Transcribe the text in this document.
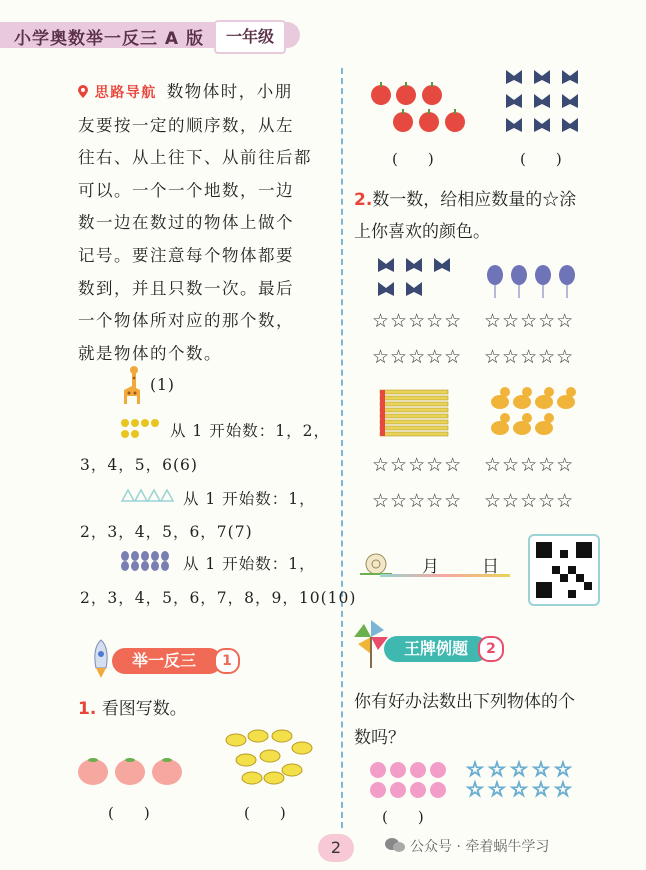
小学奥数举一反三 A 版	一年级
思路导航 数物体时，小朋
友要按一定的顺序数，从左
往右、从上往下、从前往后都
可以。一个一个地数，一边
数一边在数过的物体上做个
记号。要注意每个物体都要
数到，并且只数一次。最后
一个物体所对应的那个数，
就是物体的个数。
(1)
从 1 开始数：1，2，
3，4，5，6(6)
从 1 开始数：1，
2，3，4，5，6，7(7)
从 1 开始数：1，
2，3，4，5，6，7，8，9，10(10)
举一反三	1
1. 看图写数。
(　　)	(　　)
(　　)	(　　)
2.数一数，给相应数量的☆涂
上你喜欢的颜色。
☆☆☆☆☆ ☆☆☆☆☆
☆☆☆☆☆ ☆☆☆☆☆
☆☆☆☆☆ ☆☆☆☆☆
☆☆☆☆☆ ☆☆☆☆☆
月	日
王牌例题	2
你有好办法数出下列物体的个
数吗？
☆ ☆ ☆ ☆ ☆
☆ ☆ ☆ ☆ ☆
(　　)
2	公众号 · 牵着蜗牛学习
